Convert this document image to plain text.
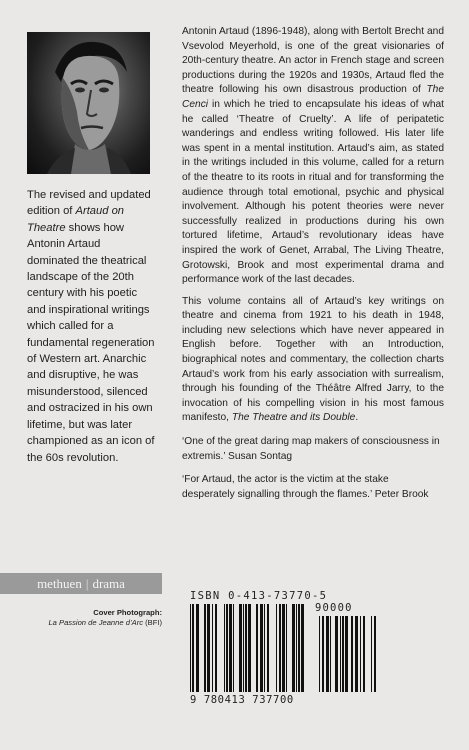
The revised and updated edition of Artaud on Theatre shows how Antonin Artaud dominated the theatrical landscape of the 20th century with his poetic and inspirational writings which called for a fundamental regeneration of Western art. Anarchic and disruptive, he was misunderstood, silenced and ostracized in his own lifetime, but was later championed as an icon of the 60s revolution.

Antonin Artaud (1896-1948), along with Bertolt Brecht and Vsevolod Meyerhold, is one of the great visionaries of 20th-century theatre. An actor in French stage and screen productions during the 1920s and 1930s, Artaud fled the theatre following his own disastrous production of The Cenci in which he tried to encapsulate his ideas of what he called ‘Theatre of Cruelty’. A life of peripatetic wanderings and endless writing followed. His later life was spent in a mental institution. Artaud’s aim, as stated in the writings included in this volume, called for a return of the theatre to its roots in ritual and for transforming the audience through total emotional, psychic and physical involvement. Although his potent theories were never successfully realized in productions during his own tortured lifetime, Artaud’s revolutionary ideas have inspired the work of Genet, Arrabal, The Living Theatre, Grotowski, Brook and most experimental drama and performance work of the last decades.

This volume contains all of Artaud’s key writings on theatre and cinema from 1921 to his death in 1948, including new selections which have never appeared in English before. Together with an Introduction, biographical notes and commentary, the collection charts Artaud’s work from his early association with surrealism, through his founding of the Théâtre Alfred Jarry, to the invocation of his compelling vision in his most famous manifesto, The Theatre and its Double.

‘One of the great daring map makers of consciousness in extremis.’ Susan Sontag

‘For Artaud, the actor is the victim at the stake desperately signalling through the flames.’ Peter Brook

methuen | drama
Cover Photograph:
La Passion de Jeanne d’Arc (BFI)
ISBN 0-413-73770-5
90000
9 780413 737700
